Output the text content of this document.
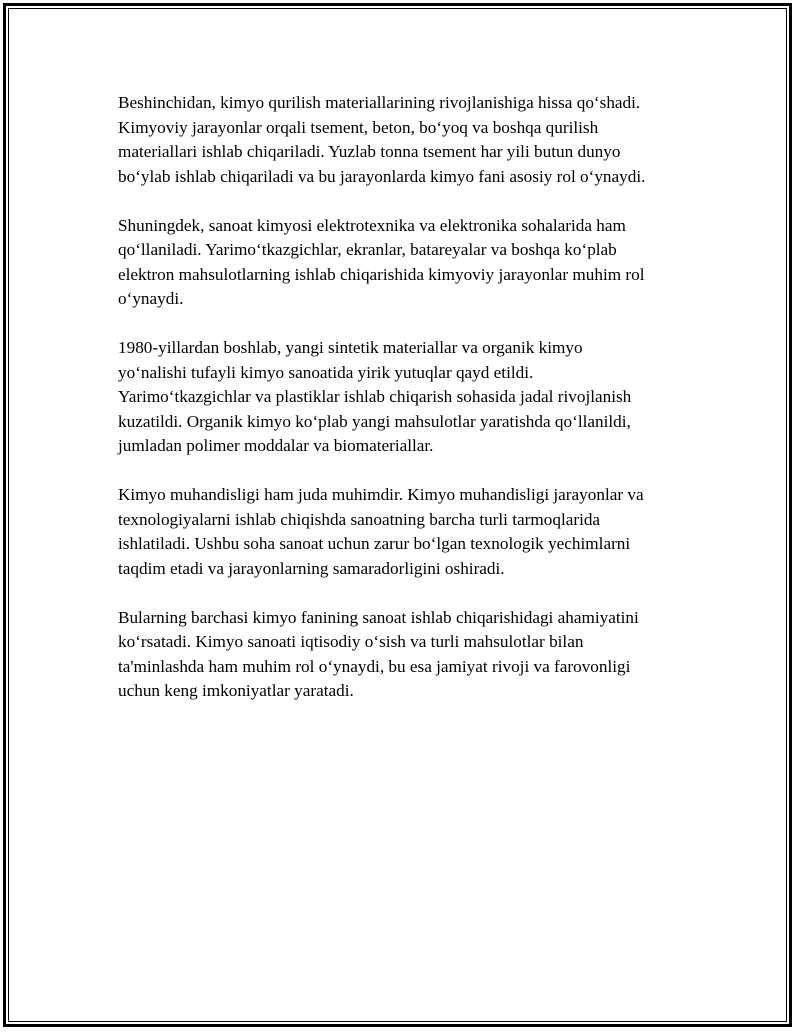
Beshinchidan, kimyo qurilish materiallarining rivojlanishiga hissa qo‘shadi.
Kimyoviy jarayonlar orqali tsement, beton, bo‘yoq va boshqa qurilish
materiallari ishlab chiqariladi. Yuzlab tonna tsement har yili butun dunyo
bo‘ylab ishlab chiqariladi va bu jarayonlarda kimyo fani asosiy rol o‘ynaydi.

Shuningdek, sanoat kimyosi elektrotexnika va elektronika sohalarida ham
qo‘llaniladi. Yarimo‘tkazgichlar, ekranlar, batareyalar va boshqa ko‘plab
elektron mahsulotlarning ishlab chiqarishida kimyoviy jarayonlar muhim rol
o‘ynaydi.

1980-yillardan boshlab, yangi sintetik materiallar va organik kimyo
yo‘nalishi tufayli kimyo sanoatida yirik yutuqlar qayd etildi.
Yarimo‘tkazgichlar va plastiklar ishlab chiqarish sohasida jadal rivojlanish
kuzatildi. Organik kimyo ko‘plab yangi mahsulotlar yaratishda qo‘llanildi,
jumladan polimer moddalar va biomateriallar.

Kimyo muhandisligi ham juda muhimdir. Kimyo muhandisligi jarayonlar va
texnologiyalarni ishlab chiqishda sanoatning barcha turli tarmoqlarida
ishlatiladi. Ushbu soha sanoat uchun zarur bo‘lgan texnologik yechimlarni
taqdim etadi va jarayonlarning samaradorligini oshiradi.

Bularning barchasi kimyo fanining sanoat ishlab chiqarishidagi ahamiyatini
ko‘rsatadi. Kimyo sanoati iqtisodiy o‘sish va turli mahsulotlar bilan
ta'minlashda ham muhim rol o‘ynaydi, bu esa jamiyat rivoji va farovonligi
uchun keng imkoniyatlar yaratadi.
